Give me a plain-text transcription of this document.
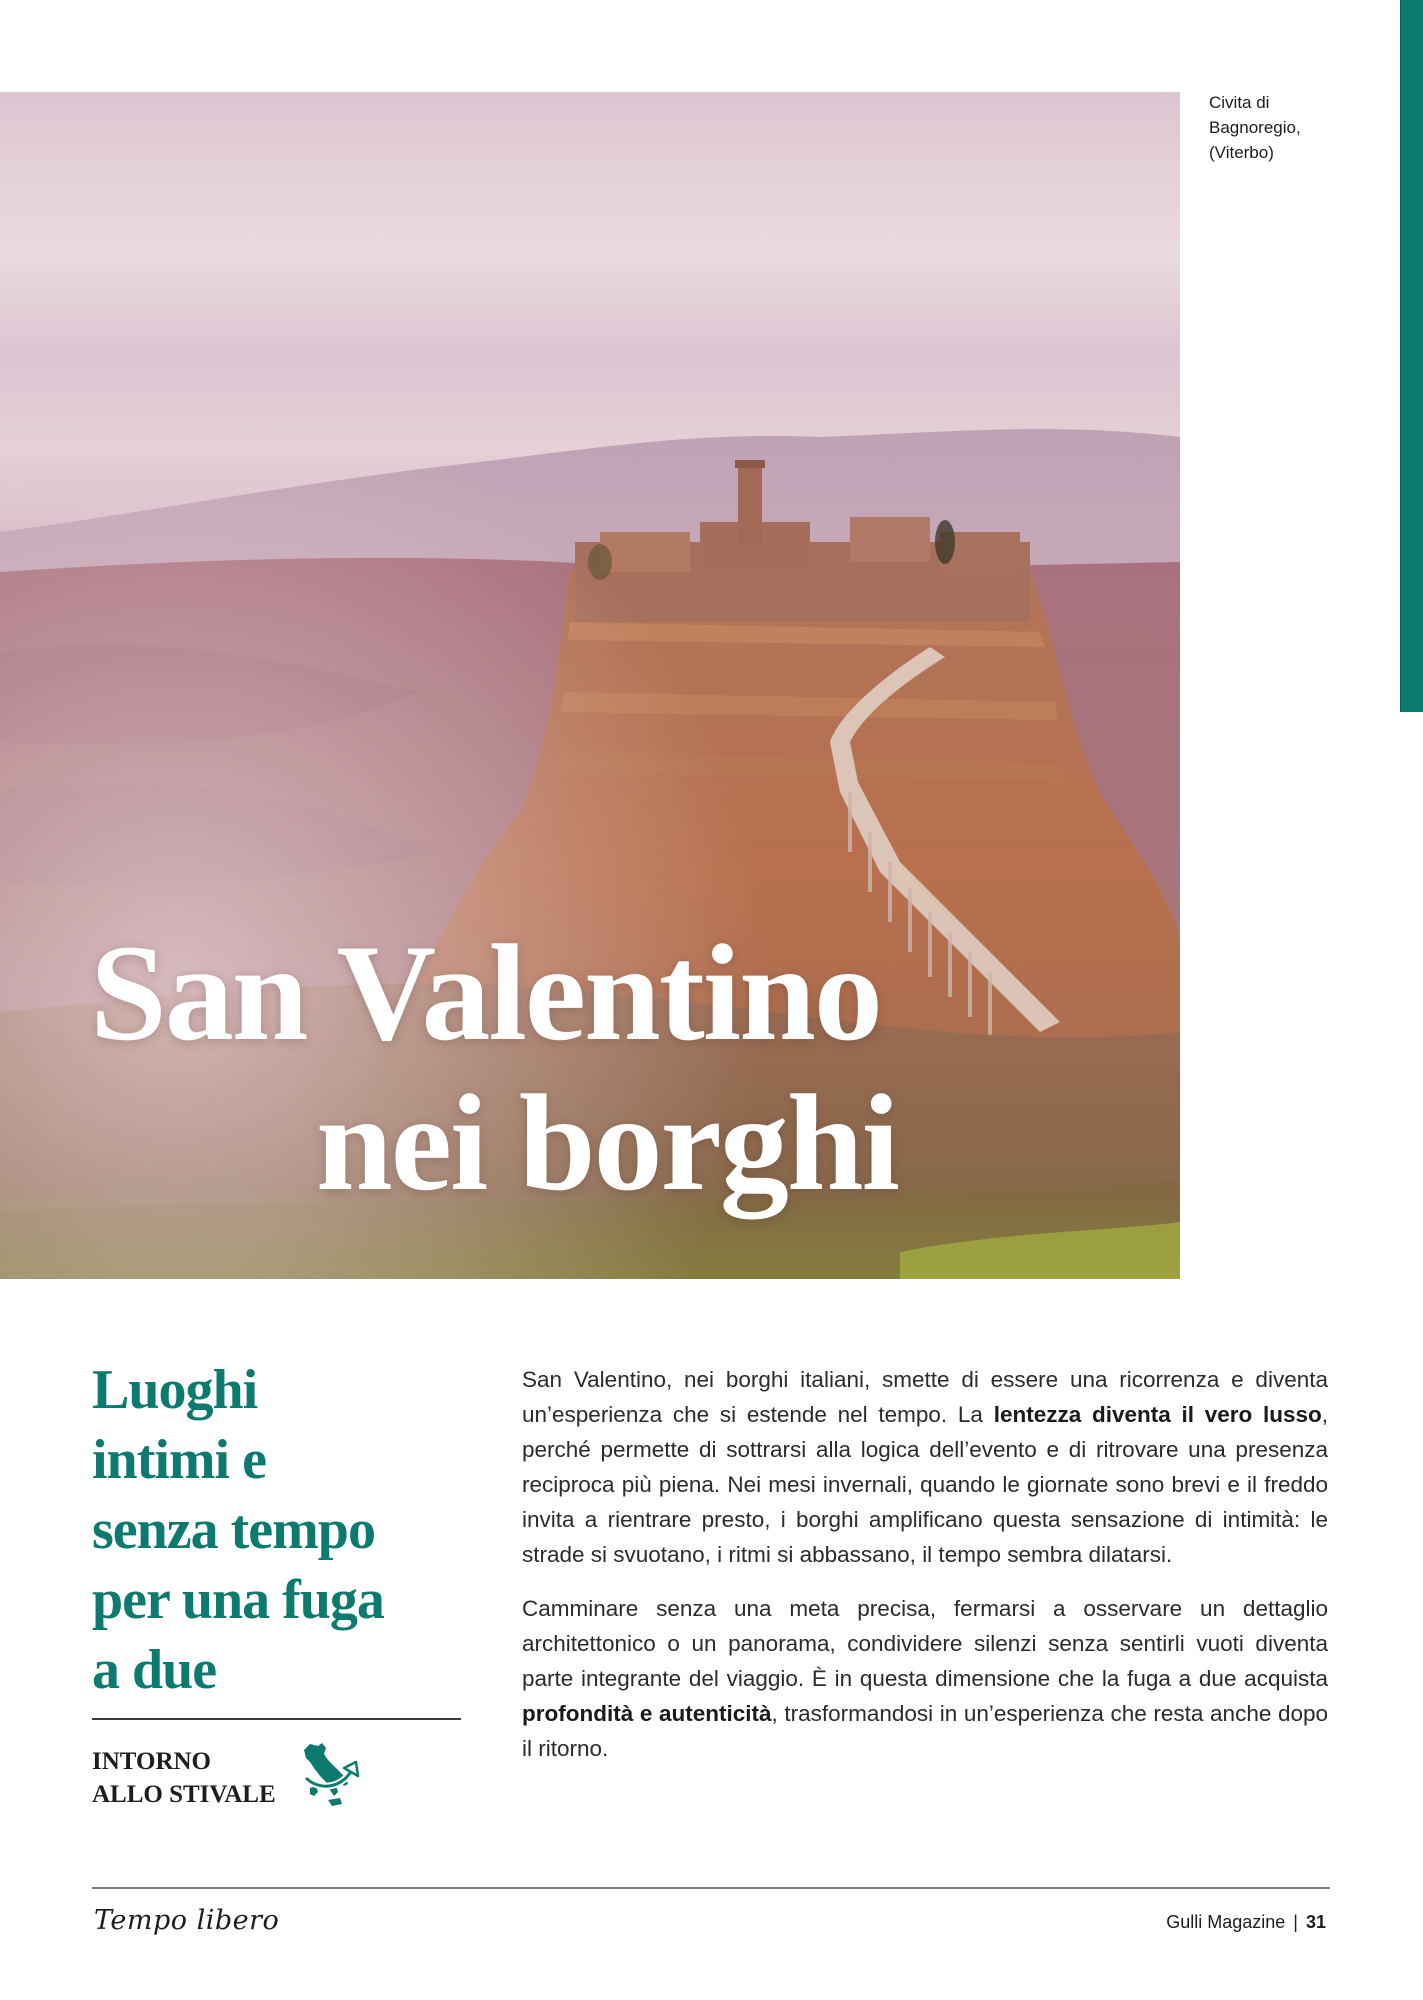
Civita di
Bagnoregio,
(Viterbo)
San Valentino
nei borghi
Luoghi
intimi e
senza tempo
per una fuga
a due
INTORNO
ALLO STIVALE

San Valentino, nei borghi italiani, smette di essere una ricorrenza e diventa un’esperienza che si estende nel tempo. La lentezza diventa il vero lusso, perché permette di sottrarsi alla logica dell’evento e di ritrovare una presenza reciproca più piena. Nei mesi invernali, quando le giornate sono brevi e il freddo invita a rientrare presto, i borghi amplificano questa sensazione di intimità: le strade si svuotano, i ritmi si abbassano, il tempo sembra dilatarsi.

Camminare senza una meta precisa, fermarsi a osservare un dettaglio architettonico o un panorama, condividere silenzi senza sentirli vuoti diventa parte integrante del viaggio. È in questa dimensione che la fuga a due acquista profondità e autenticità, trasformandosi in un’esperienza che resta anche dopo il ritorno.

Tempo libero	Gulli Magazine | 31
